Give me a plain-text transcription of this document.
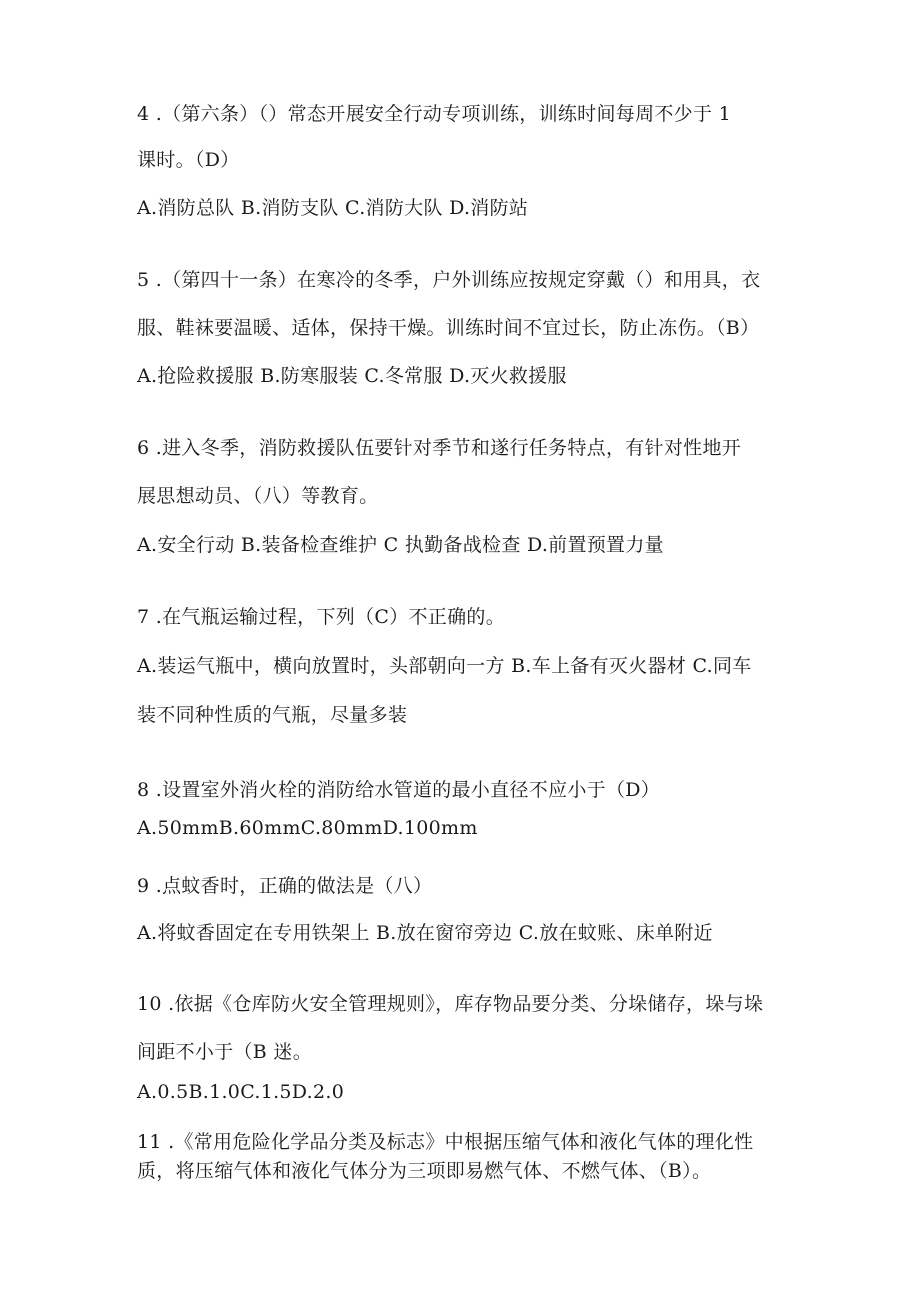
4 .（第六条）（）常态开展安全行动专项训练，训练时间每周不少于 1
课时。（D）
A.消防总队 B.消防支队 C.消防大队 D.消防站
5 .（第四十一条）在寒冷的冬季，户外训练应按规定穿戴（）和用具，衣
服、鞋袜要温暖、适体，保持干燥。训练时间不宜过长，防止冻伤。（B）
A.抢险救援服 B.防寒服装 C.冬常服 D.灭火救援服
6 .进入冬季，消防救援队伍要针对季节和遂行任务特点，有针对性地开
展思想动员、（八）等教育。
A.安全行动 B.装备检查维护 C 执勤备战检查 D.前置预置力量
7 .在气瓶运输过程，下列（C）不正确的。
A.装运气瓶中，横向放置时，头部朝向一方 B.车上备有灭火器材 C.同车
装不同种性质的气瓶，尽量多装
8 .设置室外消火栓的消防给水管道的最小直径不应小于（D）
A.50mmB.60mmC.80mmD.100mm
9 .点蚊香时，正确的做法是（八）
A.将蚊香固定在专用铁架上 B.放在窗帘旁边 C.放在蚊账、床单附近
10 .依据《仓库防火安全管理规则》，库存物品要分类、分垛储存，垛与垛
间距不小于（B 迷。
A.0.5B.1.0C.1.5D.2.0
11 .《常用危险化学品分类及标志》中根据压缩气体和液化气体的理化性
质，将压缩气体和液化气体分为三项即易燃气体、不燃气体、（B）。
